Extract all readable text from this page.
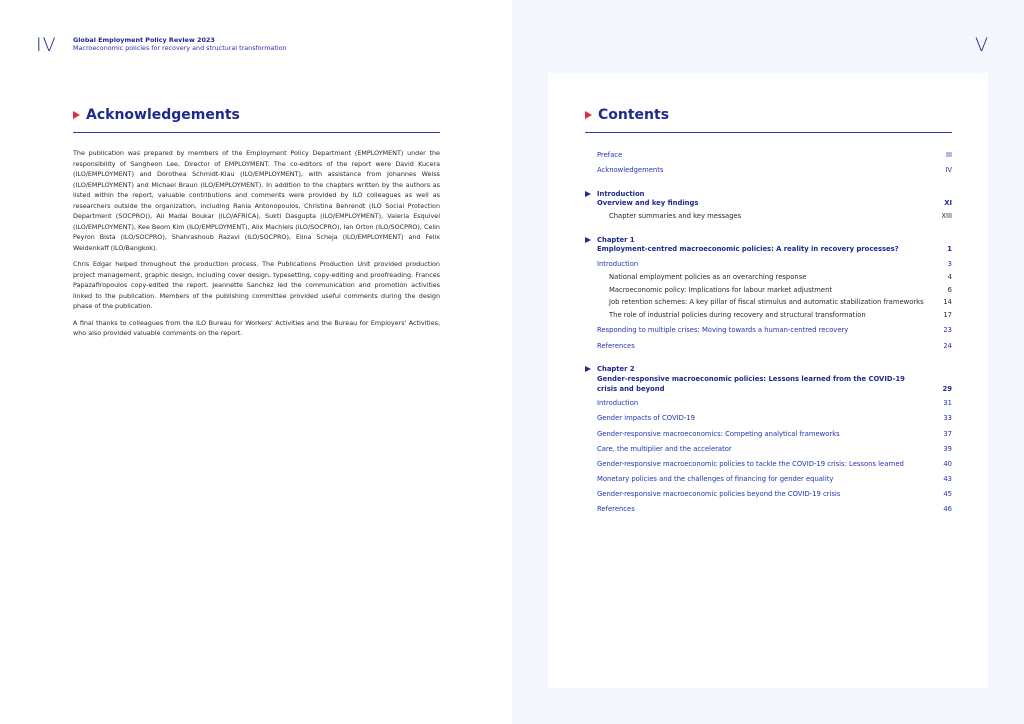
IV	V
Global Employment Policy Review 2023
Macroeconomic policies for recovery and structural transformation
Acknowledgements

The publication was prepared by members of the Employment Policy Department (EMPLOYMENT) under the responsibility of Sangheon Lee, Director of EMPLOYMENT. The co-editors of the report were David Kucera (ILO/EMPLOYMENT) and Dorothea Schmidt-Klau (ILO/EMPLOYMENT), with assistance from Johannes Weiss (ILO/EMPLOYMENT) and Michael Braun (ILO/EMPLOYMENT). In addition to the chapters written by the authors as listed within the report, valuable contributions and comments were provided by ILO colleagues as well as researchers outside the organization, including Rania Antonopoulos, Christina Behrendt (ILO Social Protection Department (SOCPRO)), Ali Madai Boukar (ILO/AFRICA), Sukti Dasgupta (ILO/EMPLOYMENT), Valeria Esquivel (ILO/EMPLOYMENT), Kee Beom Kim (ILO/EMPLOYMENT), Alix Machiels (ILO/SOCPRO), Ian Orton (ILO/SOCPRO), Celin Peyron Bista (ILO/SOCPRO), Shahrashoub Razavi (ILO/SOCPRO), Elina Scheja (ILO/EMPLOYMENT) and Felix Weidenkaff (ILO/Bangkok).

Chris Edgar helped throughout the production process. The Publications Production Unit provided production project management, graphic design, including cover design, typesetting, copy-editing and proofreading. Frances Papazafiropoulos copy-edited the report. Jeannette Sanchez led the communication and promotion activities linked to the publication. Members of the publishing committee provided useful comments during the design phase of the publication.

A final thanks to colleagues from the ILO Bureau for Workers' Activities and the Bureau for Employers' Activities, who also provided valuable comments on the report.

Contents
Preface	III
Acknowledgements	IV
Introduction
Overview and key findings	XI
Chapter summaries and key messages	XIII
Chapter 1
Employment-centred macroeconomic policies: A reality in recovery processes?	1
Introduction	3
National employment policies as an overarching response	4
Macroeconomic policy: Implications for labour market adjustment	6
Job retention schemes: A key pillar of fiscal stimulus and automatic stabilization frameworks	14
The role of industrial policies during recovery and structural transformation	17
Responding to multiple crises: Moving towards a human-centred recovery	23
References	24
Chapter 2
Gender-responsive macroeconomic policies: Lessons learned from the COVID-19
crisis and beyond	29
Introduction	31
Gender impacts of COVID-19	33
Gender-responsive macroeconomics: Competing analytical frameworks	37
Care, the multiplier and the accelerator	39
Gender-responsive macroeconomic policies to tackle the COVID-19 crisis: Lessons learned	40
Monetary policies and the challenges of financing for gender equality	43
Gender-responsive macroeconomic policies beyond the COVID-19 crisis	45
References	46
